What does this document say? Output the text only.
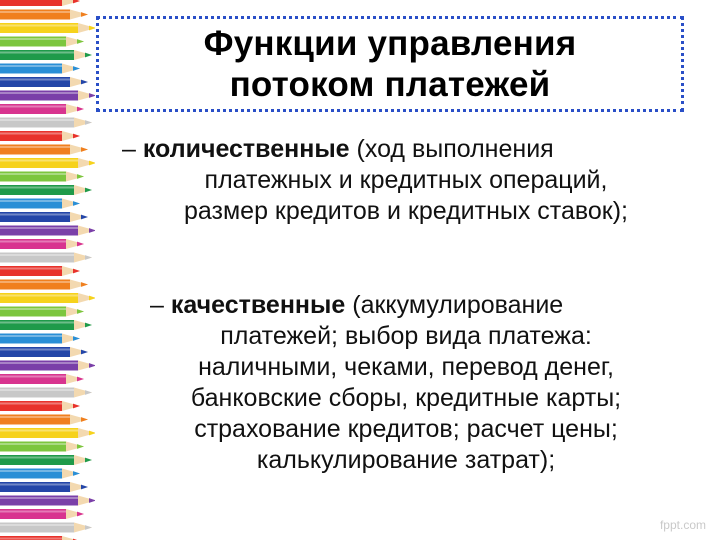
Функции управления
потоком платежей
– количественные (ход выполнения
платежных и кредитных операций,
размер кредитов и кредитных ставок);
– качественные (аккумулирование
платежей; выбор вида платежа:
наличными, чеками, перевод денег,
банковские сборы, кредитные карты;
страхование кредитов; расчет цены;
калькулирование затрат);
fppt.com
